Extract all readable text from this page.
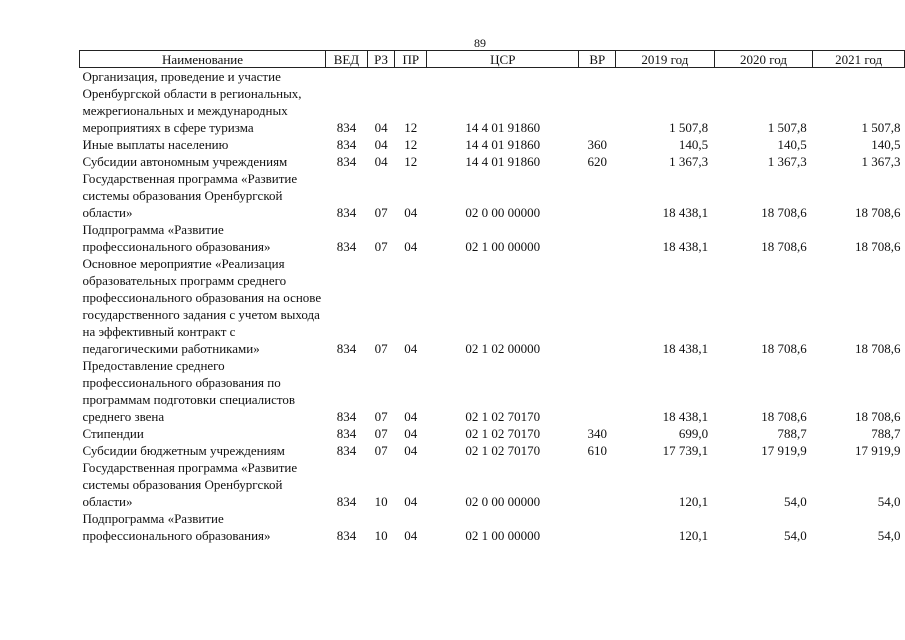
89
Наименование	ВЕД	РЗ	ПР	ЦСР	ВР	2019 год	2020 год	2021 год
Организация, проведение и участие Оренбургской области в региональных, межрегиональных и международных мероприятиях в сфере туризма	834	04	12	14 4 01 91860		1 507,8	1 507,8	1 507,8
Иные выплаты населению	834	04	12	14 4 01 91860	360	140,5	140,5	140,5
Субсидии автономным учреждениям	834	04	12	14 4 01 91860	620	1 367,3	1 367,3	1 367,3
Государственная программа «Развитие системы образования Оренбургской области»	834	07	04	02 0 00 00000		18 438,1	18 708,6	18 708,6
Подпрограмма «Развитие профессионального образования»	834	07	04	02 1 00 00000		18 438,1	18 708,6	18 708,6
Основное мероприятие «Реализация образовательных программ среднего профессионального образования на основе государственного задания с учетом выхода на эффективный контракт с педагогическими работниками»	834	07	04	02 1 02 00000		18 438,1	18 708,6	18 708,6
Предоставление среднего профессионального образования по программам подготовки специалистов среднего звена	834	07	04	02 1 02 70170		18 438,1	18 708,6	18 708,6
Стипендии	834	07	04	02 1 02 70170	340	699,0	788,7	788,7
Субсидии бюджетным учреждениям	834	07	04	02 1 02 70170	610	17 739,1	17 919,9	17 919,9
Государственная программа «Развитие системы образования Оренбургской области»	834	10	04	02 0 00 00000		120,1	54,0	54,0
Подпрограмма «Развитие профессионального образования»	834	10	04	02 1 00 00000		120,1	54,0	54,0
